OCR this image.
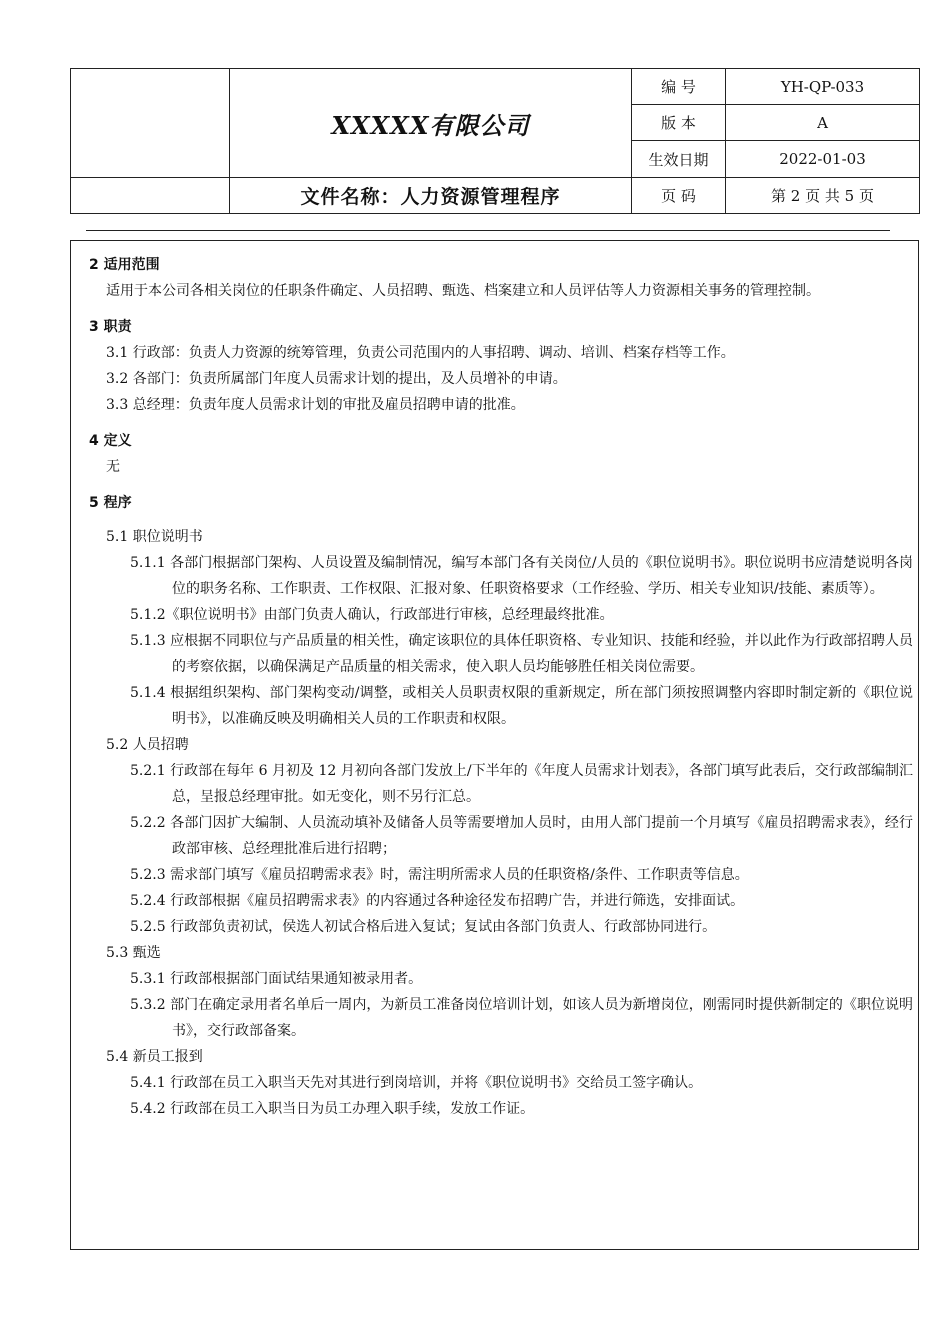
	XXXXX有限公司	编 号	YH-QP-033
		版 本	A
		生效日期	2022-01-03
	文件名称：人力资源管理程序	页 码	第 2 页 共 5 页
2 适用范围
适用于本公司各相关岗位的任职条件确定、人员招聘、甄选、档案建立和人员评估等人力资源相关事务的管理控制。
3 职责
3.1 行政部：负责人力资源的统筹管理，负责公司范围内的人事招聘、调动、培训、档案存档等工作。
3.2 各部门：负责所属部门年度人员需求计划的提出，及人员增补的申请。
3.3 总经理：负责年度人员需求计划的审批及雇员招聘申请的批准。
4 定义
无
5 程序
5.1 职位说明书
5.1.1 各部门根据部门架构、人员设置及编制情况，编写本部门各有关岗位/人员的《职位说明书》。职位说明书应清楚说明各岗位的职务名称、工作职责、工作权限、汇报对象、任职资格要求（工作经验、学历、相关专业知识/技能、素质等）。
5.1.2《职位说明书》由部门负责人确认，行政部进行审核，总经理最终批准。
5.1.3 应根据不同职位与产品质量的相关性，确定该职位的具体任职资格、专业知识、技能和经验，并以此作为行政部招聘人员的考察依据，以确保满足产品质量的相关需求，使入职人员均能够胜任相关岗位需要。
5.1.4 根据组织架构、部门架构变动/调整，或相关人员职责权限的重新规定，所在部门须按照调整内容即时制定新的《职位说明书》，以准确反映及明确相关人员的工作职责和权限。
5.2 人员招聘
5.2.1 行政部在每年 6 月初及 12 月初向各部门发放上/下半年的《年度人员需求计划表》，各部门填写此表后，交行政部编制汇总，呈报总经理审批。如无变化，则不另行汇总。
5.2.2 各部门因扩大编制、人员流动填补及储备人员等需要增加人员时，由用人部门提前一个月填写《雇员招聘需求表》，经行政部审核、总经理批准后进行招聘；
5.2.3 需求部门填写《雇员招聘需求表》时，需注明所需求人员的任职资格/条件、工作职责等信息。
5.2.4 行政部根据《雇员招聘需求表》的内容通过各种途径发布招聘广告，并进行筛选，安排面试。
5.2.5 行政部负责初试，侯选人初试合格后进入复试；复试由各部门负责人、行政部协同进行。
5.3 甄选
5.3.1 行政部根据部门面试结果通知被录用者。
5.3.2 部门在确定录用者名单后一周内，为新员工准备岗位培训计划，如该人员为新增岗位，刚需同时提供新制定的《职位说明书》，交行政部备案。
5.4 新员工报到
5.4.1 行政部在员工入职当天先对其进行到岗培训，并将《职位说明书》交给员工签字确认。
5.4.2 行政部在员工入职当日为员工办理入职手续，发放工作证。
